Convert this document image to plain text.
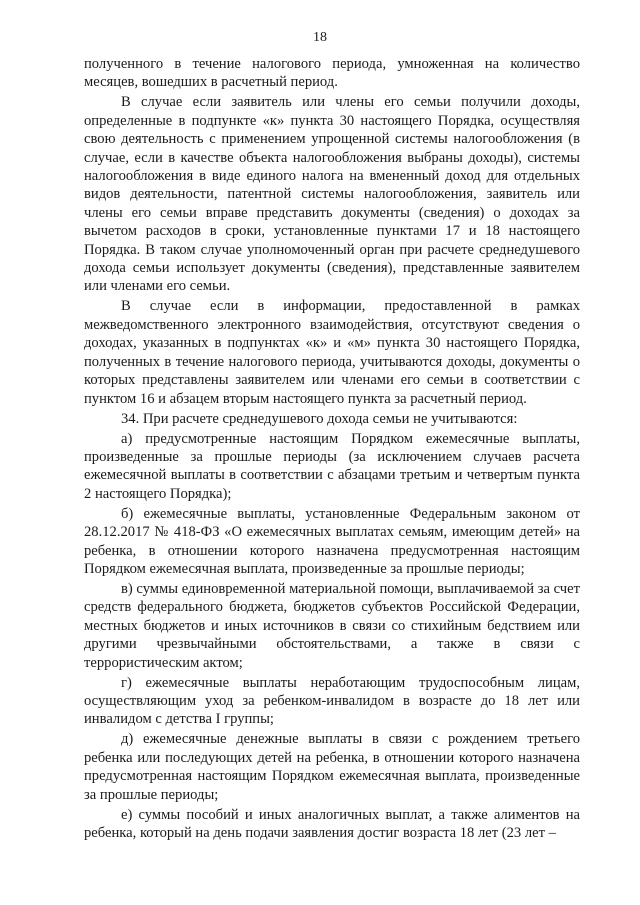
18

полученного в течение налогового периода, умноженная на количество месяцев, вошедших в расчетный период.

В случае если заявитель или члены его семьи получили доходы, определенные в подпункте «к» пункта 30 настоящего Порядка, осуществляя свою деятельность с применением упрощенной системы налогообложения (в случае, если в качестве объекта налогообложения выбраны доходы), системы налогообложения в виде единого налога на вмененный доход для отдельных видов деятельности, патентной системы налогообложения, заявитель или члены его семьи вправе представить документы (сведения) о доходах за вычетом расходов в сроки, установленные пунктами 17 и 18 настоящего Порядка. В таком случае уполномоченный орган при расчете среднедушевого дохода семьи использует документы (сведения), представленные заявителем или членами его семьи.

В случае если в информации, предоставленной в рамках межведомственного электронного взаимодействия, отсутствуют сведения о доходах, указанных в подпунктах «к» и «м» пункта 30 настоящего Порядка, полученных в течение налогового периода, учитываются доходы, документы о которых представлены заявителем или членами его семьи в соответствии с пунктом 16 и абзацем вторым настоящего пункта за расчетный период.

34. При расчете среднедушевого дохода семьи не учитываются:

а) предусмотренные настоящим Порядком ежемесячные выплаты, произведенные за прошлые периоды (за исключением случаев расчета ежемесячной выплаты в соответствии с абзацами третьим и четвертым пункта 2 настоящего Порядка);

б) ежемесячные выплаты, установленные Федеральным законом от 28.12.2017 № 418-ФЗ «О ежемесячных выплатах семьям, имеющим детей» на ребенка, в отношении которого назначена предусмотренная настоящим Порядком ежемесячная выплата, произведенные за прошлые периоды;

в) суммы единовременной материальной помощи, выплачиваемой за счет средств федерального бюджета, бюджетов субъектов Российской Федерации, местных бюджетов и иных источников в связи со стихийным бедствием или другими чрезвычайными обстоятельствами, а также в связи с террористическим актом;

г) ежемесячные выплаты неработающим трудоспособным лицам, осуществляющим уход за ребенком-инвалидом в возрасте до 18 лет или инвалидом с детства I группы;

д) ежемесячные денежные выплаты в связи с рождением третьего ребенка или последующих детей на ребенка, в отношении которого назначена предусмотренная настоящим Порядком ежемесячная выплата, произведенные за прошлые периоды;

е) суммы пособий и иных аналогичных выплат, а также алиментов на ребенка, который на день подачи заявления достиг возраста 18 лет (23 лет –
